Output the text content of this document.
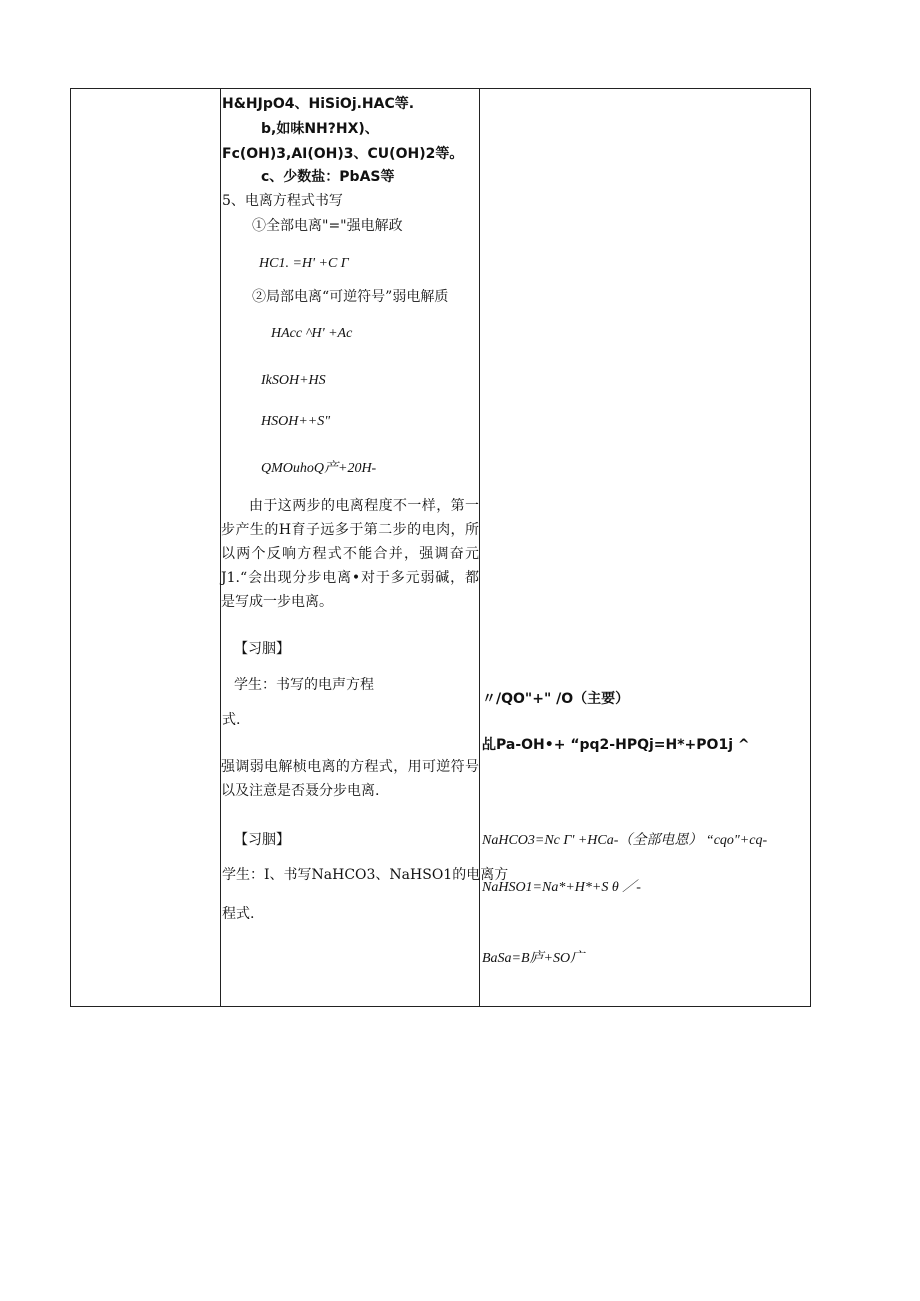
H&HJpO4、HiSiOj.HAC等.
b,如味NH?HX)、
Fc(OH)3,AI(OH)3、CU(OH)2等。
c、少数盐：PbAS等
5、电离方程式书写
①全部电离"="强电解政
HC1. =H' +C Γ
②局部电离“可逆符号”弱电解质
HAcc ^H' +Ac
IkSOH+HS
HSOH++S"
QMOuhoQ产+20H-
由于这两步的电离程度不一样，第一步产生的H育子远多于第二步的电肉，所以两个反响方程式不能合并，强调奋元J1.“会出现分步电离•对于多元弱碱，都是写成一步电离。
【习胭】
学生：书写的电声方程
式.
强调弱电解桢电离的方程式，用可逆符号以及注意是否聂分步电离.
【习胭】
学生：I、书写NaHCO3、NaHSO1的电离方
程式.
〃/QO"+" /O（主要）
乩Pa-OH•+ “pq2-HPQj=H*+PO1j ^
NaHCO3=Nc Γ' +HCa-（全部电恩） “cqo"+cq-
NaHSO1=Na*+H*+S θ ／-
BaSa=B庐+SO广
